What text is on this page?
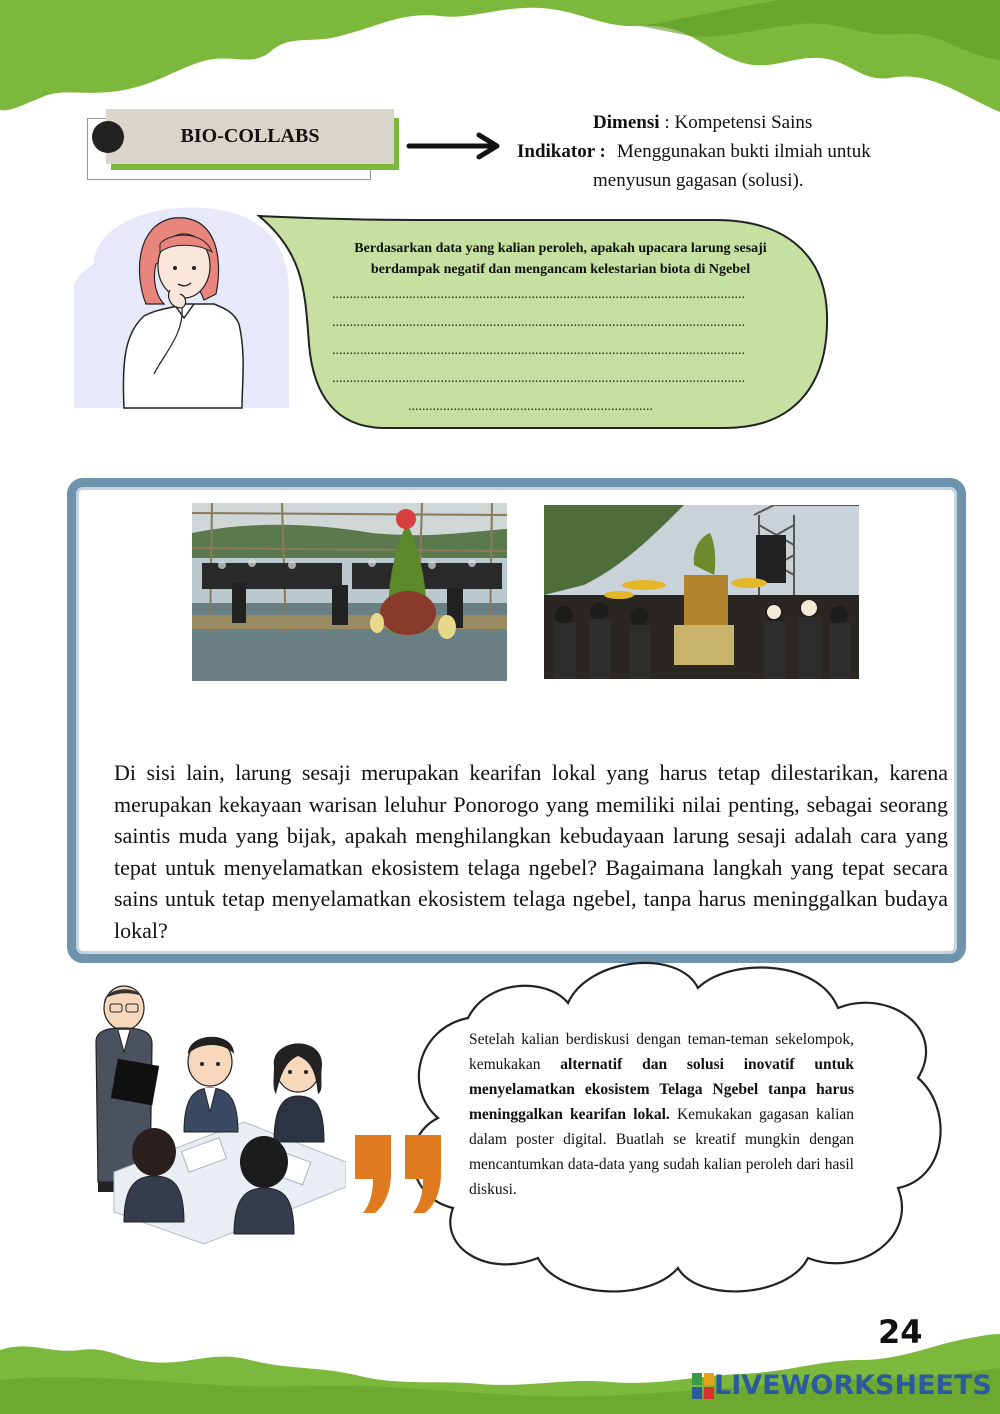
BIO-COLLABS
Dimensi : Kompetensi Sains
Indikator : Menggunakan bukti ilmiah untuk
menyusun gagasan (solusi).
Berdasarkan data yang kalian peroleh, apakah upacara larung sesaji berdampak negatif dan mengancam kelestarian biota di Ngebel
......................................................................................................................
......................................................................................................................
......................................................................................................................
......................................................................................................................
......................................................................
Di sisi lain, larung sesaji merupakan kearifan lokal yang harus tetap dilestarikan, karena merupakan kekayaan warisan leluhur Ponorogo yang memiliki nilai penting, sebagai seorang saintis muda yang bijak, apakah menghilangkan kebudayaan larung sesaji adalah cara yang tepat untuk menyelamatkan ekosistem telaga ngebel? Bagaimana langkah yang tepat secara sains untuk tetap menyelamatkan ekosistem telaga ngebel, tanpa harus meninggalkan budaya lokal?
Setelah kalian berdiskusi dengan teman-teman sekelompok, kemukakan alternatif dan solusi inovatif untuk menyelamatkan ekosistem Telaga Ngebel tanpa harus meninggalkan kearifan lokal. Kemukakan gagasan kalian dalam poster digital. Buatlah se kreatif mungkin dengan mencantumkan data-data yang sudah kalian peroleh dari hasil diskusi.
24
LIVEWORKSHEETS
